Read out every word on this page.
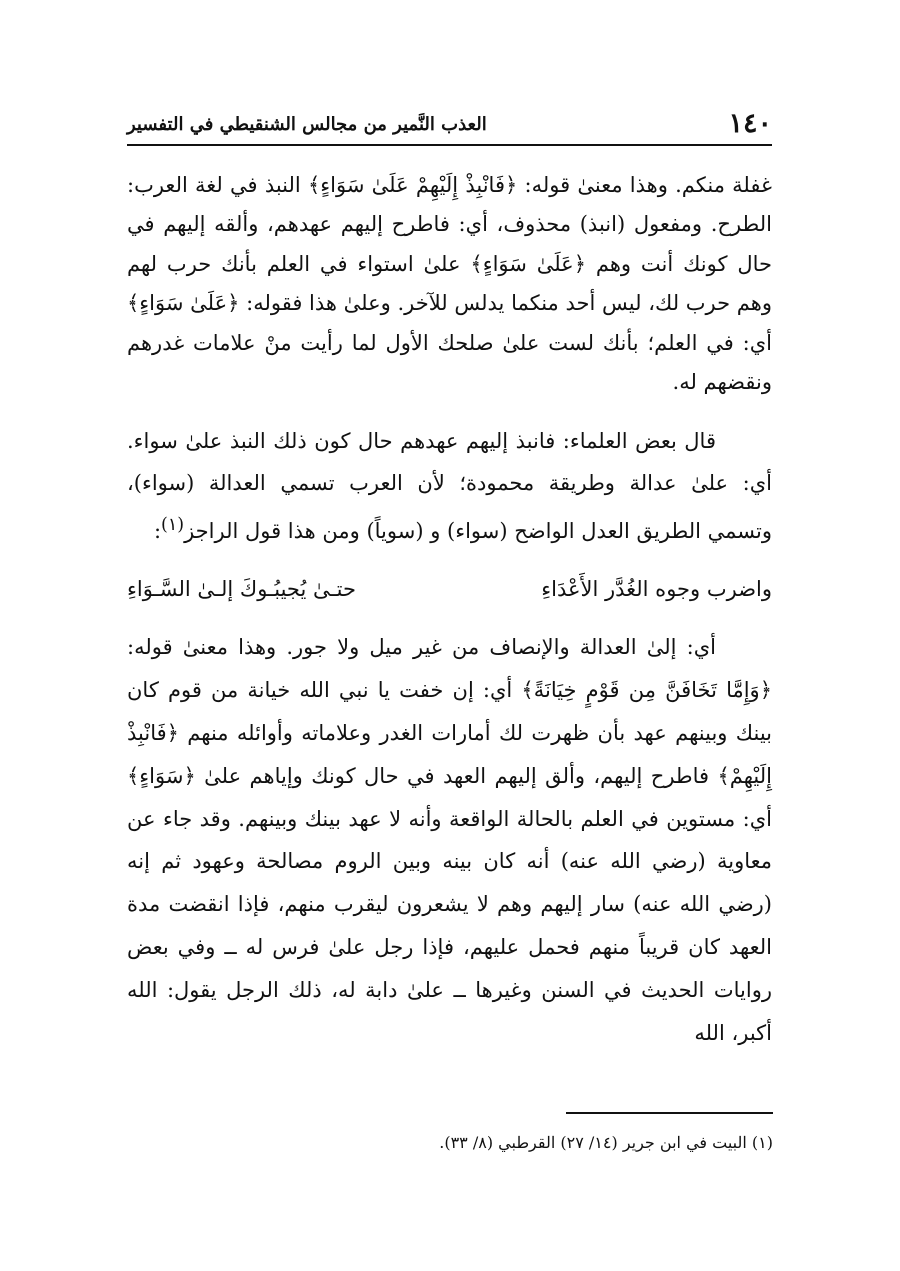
١٤٠
العذب النَّمير من مجالس الشنقيطي في التفسير

غفلة منكم. وهذا معنىٰ قوله: ﴿فَانْبِذْ إِلَيْهِمْ عَلَىٰ سَوَاءٍ﴾ النبذ في لغة العرب: الطرح. ومفعول (انبذ) محذوف، أي: فاطرح إليهم عهدهم، وألقه إليهم في حال كونك أنت وهم ﴿عَلَىٰ سَوَاءٍ﴾ علىٰ استواء في العلم بأنك حرب لهم وهم حرب لك، ليس أحد منكما يدلس للآخر. وعلىٰ هذا فقوله: ﴿عَلَىٰ سَوَاءٍ﴾ أي: في العلم؛ بأنك لست علىٰ صلحك الأول لما رأيت منْ علامات غدرهم ونقضهم له.

قال بعض العلماء: فانبذ إليهم عهدهم حال كون ذلك النبذ علىٰ سواء. أي: علىٰ عدالة وطريقة محمودة؛ لأن العرب تسمي العدالة (سواء)، وتسمي الطريق العدل الواضح (سواء) و (سوياً) ومن هذا قول الراجز$^{(١)}$:

واضرب وجوه الغُدَّر الأَعْدَاءِ
حتـىٰ يُجيبُـوكَ إلـىٰ السَّـوَاءِ

أي: إلىٰ العدالة والإنصاف من غير ميل ولا جور. وهذا معنىٰ قوله: ﴿وَإِمَّا تَخَافَنَّ مِن قَوْمٍ خِيَانَةً﴾ أي: إن خفت يا نبي الله خيانة من قوم كان بينك وبينهم عهد بأن ظهرت لك أمارات الغدر وعلاماته وأوائله منهم ﴿فَانْبِذْ إِلَيْهِمْ﴾ فاطرح إليهم، وألق إليهم العهد في حال كونك وإياهم علىٰ ﴿سَوَاءٍ﴾ أي: مستوين في العلم بالحالة الواقعة وأنه لا عهد بينك وبينهم. وقد جاء عن معاوية (رضي الله عنه) أنه كان بينه وبين الروم مصالحة وعهود ثم إنه (رضي الله عنه) سار إليهم وهم لا يشعرون ليقرب منهم، فإذا انقضت مدة العهد كان قريباً منهم فحمل عليهم، فإذا رجل علىٰ فرس له ــ وفي بعض روايات الحديث في السنن وغيرها ــ علىٰ دابة له، ذلك الرجل يقول: الله أكبر، الله

(١) البيت في ابن جرير (١٤/ ٢٧) القرطبي (٨/ ٣٣).
